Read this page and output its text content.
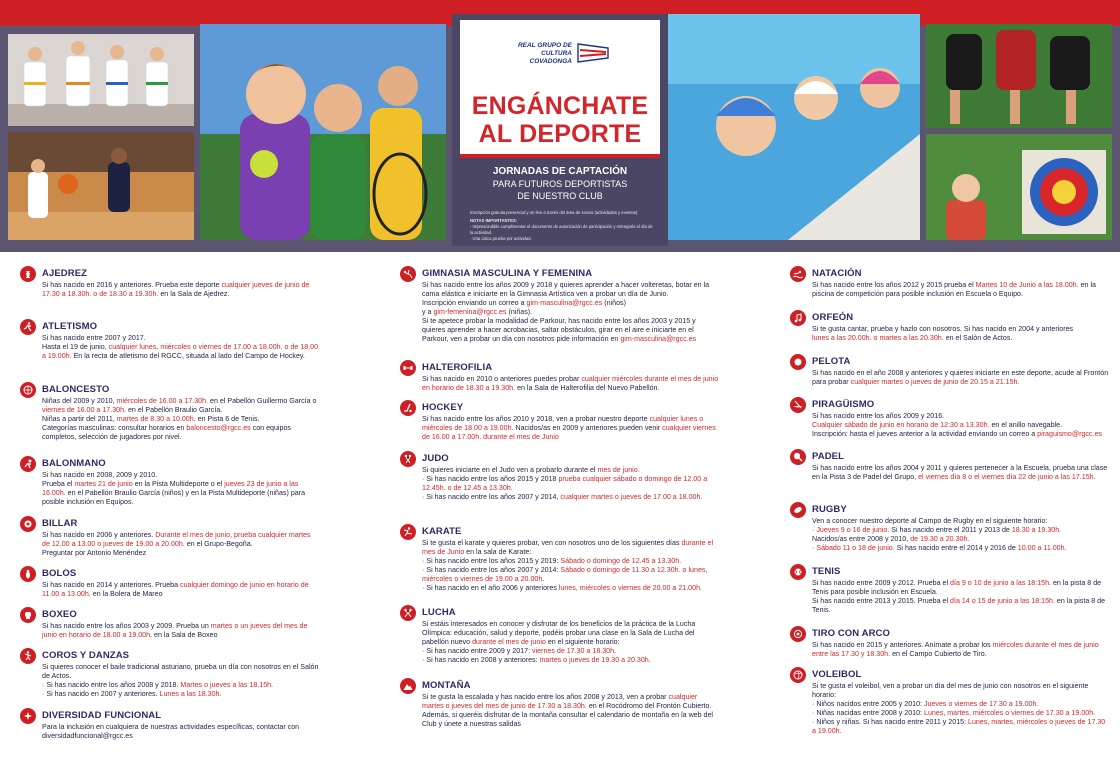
REAL GRUPO DE CULTURA COVADONGA
ENGÁNCHATE
AL DEPORTE
JORNADAS DE CAPTACIÓN
PARA FUTUROS DEPORTISTAS
DE NUESTRO CLUB
Inscripción gratuita presencial y on line a través del área de socios (actividades y eventos)
NOTAS IMPORTANTES:
· Imprescindible cumplimentar el documento de autorización de participación y entregarlo el día de la actividad.
· Una única prueba por actividad.
AJEDREZ

Si has nacido en 2016 y anteriores. Prueba este deporte cualquier jueves de junio de 17.30 a 18.30h. o de 18.30 a 19.30h. en la Sala de Ajedrez.

ATLETISMO

Si has nacido entre 2007 y 2017.

Hasta el 19 de junio, cualquier lunes, miércoles o viernes de 17.00 a 18.00h. o de 18.00 a 19.00h. En la recta de atletismo del RGCC, situada al lado del Campo de Hockey.

BALONCESTO

Niñas del 2009 y 2010, miércoles de 16.00 a 17.30h. en el Pabellón Guillermo García o viernes de 16.00 a 17.30h. en el Pabellón Braulio García.

Niñas a partir del 2011, martes de 8.30 a 10.00h. en Pista 6 de Tenis.

Categorías masculinas: consultar horarios en baloncesto@rgcc.es con equipos completos, selección de jugadores por nivel.

BALONMANO

Si has nacido en 2008, 2009 y 2010.

Prueba el martes 21 de junio en la Pista Multideporte o el jueves 23 de junio a las 16.00h. en el Pabellón Braulio García (niños) y en la Pista Multideporte (niñas) para posible inclusión en Equipos.

BILLAR

Si has nacido en 2006 y anteriores. Durante el mes de junio, prueba cualquier martes de 12.00 a 13.00 o jueves de 19.00 a 20.00h. en el Grupo-Begoña.

Preguntar por Antonio Menéndez

BOLOS

Si has nacido en 2014 y anteriores. Prueba cualquier domingo de junio en horario de 11.00 a 13.00h. en la Bolera de Mareo

BOXEO

Si has nacido entre los años 2003 y 2009. Prueba un martes o un jueves del mes de junio en horario de 18.00 a 19.00h. en la Sala de Boxeo

COROS Y DANZAS

Si quieres conocer el baile tradicional asturiano, prueba un día con nosotros en el Salón de Actos.

· Si has nacido entre los años 2008 y 2018. Martes o jueves a las 18.15h.

· Si has nacido en 2007 y anteriores. Lunes a las 18.30h.

DIVERSIDAD FUNCIONAL

Para la inclusión en cualquiera de nuestras actividades específicas, contactar con

diversidadfuncional@rgcc.es

GIMNASIA MASCULINA Y FEMENINA

Si has nacido entre los años 2009 y 2018 y quieres aprender a hacer volteretas, botar en la cama elástica e iniciarte en la Gimnasia Artística ven a probar un día de Junio.

Inscripción enviando un correo a gim-masculina@rgcc.es (niños)

y a gim-femenina@rgcc.es (niñas).

Si te apetece probar la modalidad de Parkour, has nacido entre los años 2003 y 2015 y quieres aprender a hacer acrobacias, saltar obstáculos, girar en el aire e iniciarte en el Parkour, ven a probar un día con nosotros pide información en gim-masculina@rgcc.es

HALTEROFILIA

Si has nacido en 2010 o anteriores puedes probar cualquier miércoles durante el mes de junio en horario de 18.30 a 19.30h. en la Sala de Halterofilia del Nuevo Pabellón.

HOCKEY

Si has nacido entre los años 2010 y 2018, ven a probar nuestro deporte cualquier lunes o miércoles de 18.00 a 19.00h. Nacidos/as en 2009 y anteriores pueden venir cualquier viernes de 16.00 a 17.00h. durante el mes de Junio

JUDO

Si quieres iniciarte en el Judo ven a probarlo durante el mes de junio.

· Si has nacido entre los años 2015 y 2018 prueba cualquier sábado o domingo de 12.00 a 12.45h. o de 12.45 a 13.30h.

· Si has nacido entre los años 2007 y 2014, cualquier martes o jueves de 17.00 a 18.00h.

KARATE

Si te gusta el karate y quieres probar, ven con nosotros uno de los siguientes días durante el mes de Junio en la sala de Karate:

· Si has nacido entre los años 2015 y 2019: Sábado o domingo de 12.45 a 13.30h.

· Si has nacido entre los años 2007 y 2014: Sábado o domingo de 11.30 a 12.30h. o lunes, miércoles o viernes de 19.00 a 20.00h.

· Si has nacido en el año 2006 y anteriores lunes, miércoles o viernes de 20.00 a 21.00h.

LUCHA

Si estáis interesados en conocer y disfrutar de los beneficios de la práctica de la Lucha Olímpica: educación, salud y deporte, podéis probar una clase en la Sala de Lucha del pabellón nuevo durante el mes de junio en el siguiente horario:

· Si has nacido entre 2009 y 2017: viernes de 17.30 a 18.30h.

· Si has nacido en 2008 y anteriores: martes o jueves de 19.30 a 20.30h.

MONTAÑA

Si te gusta la escalada y has nacido entre los años 2008 y 2013, ven a probar cualquier martes o jueves del mes de junio de 17.30 a 18.30h. en el Rocódromo del Frontón Cubierto.

Además, si queréis disfrutar de la montaña consultar el calendario de montaña en la web del Club y únete a nuestras salidas

NATACIÓN

Si has nacido entre los años 2012 y 2015 prueba el Martes 10 de Junio a las 18.00h. en la piscina de competición para posible inclusión en Escuela o Equipo.

ORFEÓN

Si te gusta cantar, prueba y hazlo con nosotros. Si has nacido en 2004 y anteriores

lunes a las 20.00h. o martes a las 20.30h. en el Salón de Actos.

PELOTA

Si has nacido en el año 2008 y anteriores y quieres iniciarte en este deporte, acude al Frontón para probar cualquier martes o jueves de junio de 20.15 a 21.15h.

PIRAGÜISMO

Si has nacido entre los años 2009 y 2016.

Cualquier sábado de junio en horario de 12:30 a 13.30h. en el anillo navegable.

Inscripción: hasta el jueves anterior a la actividad enviando un correo a piraguismo@rgcc.es

PADEL

Si has nacido entre los años 2004 y 2011 y quieres pertenecer a la Escuela, prueba una clase en la Pista 3 de Padel del Grupo, el viernes día 8 o el viernes día 22 de junio a las 17.15h.

RUGBY

Ven a conocer nuestro deporte al Campo de Rugby en el siguiente horario:

· Jueves 9 o 16 de junio. Si has nacido entre el 2011 y 2013 de 18.30 a 19.30h.

Nacidos/as entre 2008 y 2010, de 19.30 a 20.30h.

· Sábado 11 o 18 de junio. Si has nacido entre el 2014 y 2016 de 10.00 a 11.00h.

TENIS

Si has nacido entre 2009 y 2012. Prueba el día 9 o 10 de junio a las 18:15h. en la pista 8 de Tenis para posible inclusión en Escuela.

Si has nacido entre 2013 y 2015. Prueba el día 14 o 15 de junio a las 18:15h. en la pista 8 de Tenis.

TIRO CON ARCO

Si has nacido en 2015 y anteriores. Anímate a probar los miércoles durante el mes de junio entre las 17.30 y 18.30h. en el Campo Cubierto de Tiro.

VOLEIBOL

Si te gusta el voleibol, ven a probar un día del mes de junio con nosotros en el siguiente horario:

· Niños nacidos entre 2005 y 2010: Jueves o viernes de 17.30 a 19.00h.

· Niñas nacidas entre 2008 y 2010: Lunes, martes, miércoles o viernes de 17.30 a 19.00h.

· Niños y niñas. Si has nacido entre 2011 y 2015: Lunes, martes, miércoles o jueves de 17.30 a 19.00h.
